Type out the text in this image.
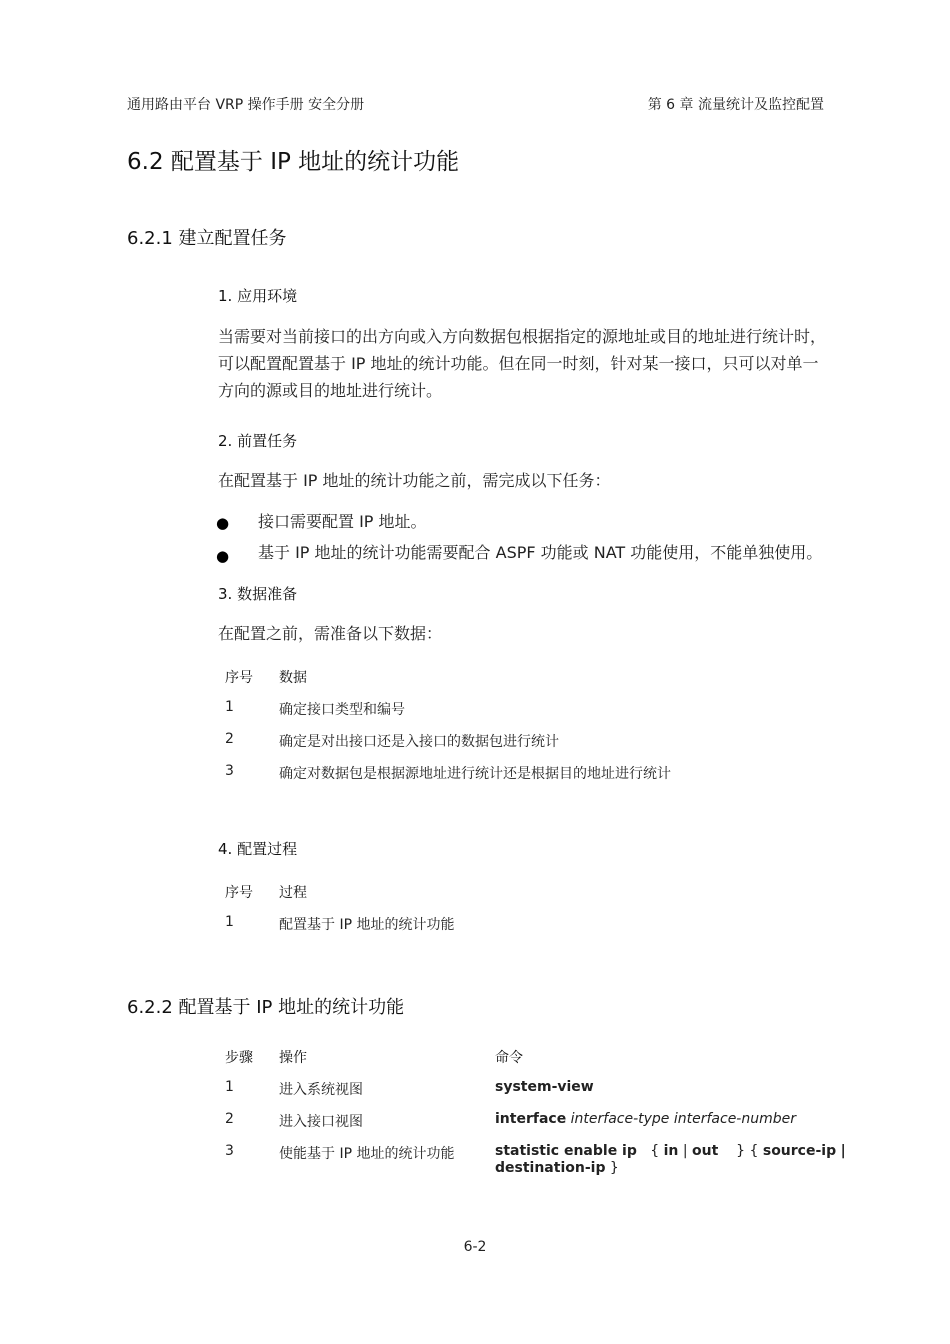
通用路由平台 VRP 操作手册 安全分册	第 6 章 流量统计及监控配置
6.2 配置基于 IP 地址的统计功能
6.2.1 建立配置任务
1. 应用环境
当需要对当前接口的出方向或入方向数据包根据指定的源地址或目的地址进行统计时，可以配置配置基于 IP 地址的统计功能。但在同一时刻，针对某一接口，只可以对单一方向的源或目的地址进行统计。
2. 前置任务
在配置基于 IP 地址的统计功能之前，需完成以下任务：
● 接口需要配置 IP 地址。
● 基于 IP 地址的统计功能需要配合 ASPF 功能或 NAT 功能使用，不能单独使用。
3. 数据准备
在配置之前，需准备以下数据：
序号	数据
1	确定接口类型和编号
2	确定是对出接口还是入接口的数据包进行统计
3	确定对数据包是根据源地址进行统计还是根据目的地址进行统计
4. 配置过程
序号	过程
1	配置基于 IP 地址的统计功能
6.2.2 配置基于 IP 地址的统计功能
步骤	操作	命令
1	进入系统视图	system-view
2	进入接口视图	interface interface-type interface-number
3	使能基于 IP 地址的统计功能	statistic enable ip { in | out } { source-ip |
destination-ip }
6-2
